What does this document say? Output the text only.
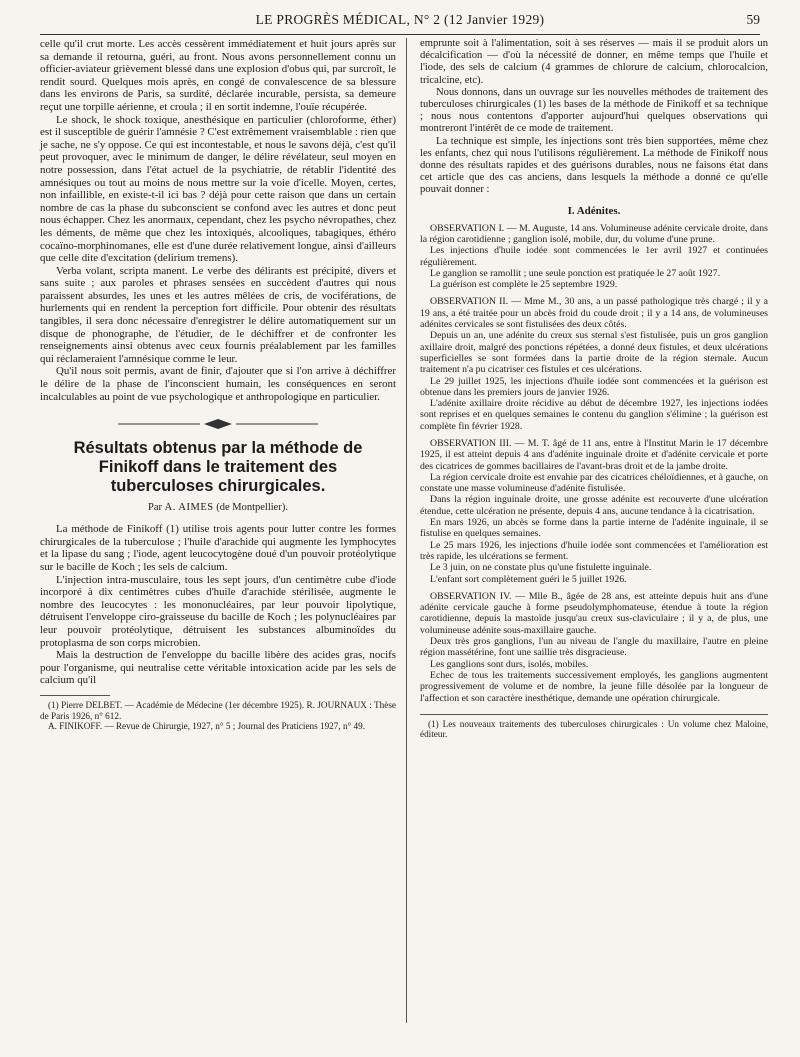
LE PROGRÈS MÉDICAL, N° 2 (12 Janvier 1929)	59

celle qu'il crut morte. Les accès cessèrent immédiatement et huit jours après sur sa demande il retourna, guéri, au front. Nous avons personnellement connu un officier-aviateur grièvement blessé dans une explosion d'obus qui, par surcroît, le rendit sourd. Quelques mois après, en congé de convalescence de sa blessure dans les environs de Paris, sa surdité, déclarée incurable, persista, sa demeure reçut une torpille aérienne, et croula ; il en sortit indemne, l'ouïe récupérée.

Le shock, le shock toxique, anesthésique en particulier (chloroforme, éther) est il susceptible de guérir l'amnésie ? C'est extrêmement vraisemblable : rien que je sache, ne s'y oppose. Ce qui est incontestable, et nous le savons déjà, c'est qu'il peut provoquer, avec le minimum de danger, le délire révélateur, seul moyen en notre possession, dans l'état actuel de la psychiatrie, de rétablir l'identité des amnésiques ou tout au moins de nous mettre sur la voie d'icelle. Moyen, certes, non infaillible, en existe-t-il ici bas ? déjà pour cette raison que dans un certain nombre de cas la phase du subconscient se confond avec les autres et donc peut nous échapper. Chez les anormaux, cependant, chez les psycho névropathes, chez les déments, de même que chez les intoxiqués, alcooliques, tabagiques, éthéro cocaïno-morphinomanes, elle est d'une durée relativement longue, ainsi d'ailleurs que celle dite d'excitation (delirium tremens).

Verba volant, scripta manent. Le verbe des délirants est précipité, divers et sans suite ; aux paroles et phrases sensées en succèdent d'autres qui nous paraissent absurdes, les unes et les autres mêlées de cris, de vociférations, de hurlements qui en rendent la perception fort difficile. Pour obtenir des résultats tangibles, il sera donc nécessaire d'enregistrer le délire automatiquement sur un disque de phonographe, de l'étudier, de le déchiffrer et de confronter les renseignements ainsi obtenus avec ceux fournis préalablement par les familles qui réclameraient l'amnésique comme le leur.

Qu'il nous soit permis, avant de finir, d'ajouter que si l'on arrive à déchiffrer le délire de la phase de l'inconscient humain, les conséquences en seront incalculables au point de vue psychologique et anthropologique en particulier.

Résultats obtenus par la méthode de Finikoff dans le traitement des tuberculoses chirurgicales.
Par A. AIMES (de Montpellier).

La méthode de Finikoff (1) utilise trois agents pour lutter contre les formes chirurgicales de la tuberculose ; l'huile d'arachide qui augmente les lymphocytes et la lipase du sang ; l'iode, agent leucocytogène doué d'un pouvoir protéolytique sur le bacille de Koch ; les sels de calcium.

L'injection intra-musculaire, tous les sept jours, d'un centimètre cube d'iode incorporé à dix centimètres cubes d'huile d'arachide stérilisée, augmente le nombre des leucocytes : les mononucléaires, par leur pouvoir lipolytique, détruisent l'enveloppe ciro-graisseuse du bacille de Koch ; les polynucléaires par leur pouvoir protéolytique, détruisent les substances albuminoïdes du protoplasma de son corps microbien.

Mais la destruction de l'enveloppe du bacille libère des acides gras, nocifs pour l'organisme, qui neutralise cette véritable intoxication acide par les sels de calcium qu'il

(1) Pierre DELBET. — Académie de Médecine (1er décembre 1925). R. JOURNAUX : Thèse de Paris 1926, n° 612.

A. FINIKOFF. — Revue de Chirurgie, 1927, n° 5 ; Journal des Praticiens 1927, n° 49.

emprunte soit à l'alimentation, soit à ses réserves — mais il se produit alors un décalcification — d'où la nécessité de donner, en même temps que l'huile et l'iode, des sels de calcium (4 grammes de chlorure de calcium, chlorocalcion, tricalcine, etc).

Nous donnons, dans un ouvrage sur les nouvelles méthodes de traitement des tuberculoses chirurgicales (1) les bases de la méthode de Finikoff et sa technique ; nous nous contentons d'apporter aujourd'hui quelques observations qui montreront l'intérêt de ce mode de traitement.

La technique est simple, les injections sont très bien supportées, même chez les enfants, chez qui nous l'utilisons régulièrement. La méthode de Finikoff nous donne des résultats rapides et des guérisons durables, nous ne faisons état dans cet article que des cas anciens, dans lesquels la méthode a donné ce qu'elle pouvait donner :

I. Adénites.

OBSERVATION I. — M. Auguste, 14 ans. Volumineuse adénite cervicale droite, dans la région carotidienne ; ganglion isolé, mobile, dur, du volume d'une prune.

Les injections d'huile iodée sont commencées le 1er avril 1927 et continuées régulièrement.

Le ganglion se ramollit ; une seule ponction est pratiquée le 27 août 1927.

La guérison est complète le 25 septembre 1929.

OBSERVATION II. — Mme M., 30 ans, a un passé pathologique très chargé ; il y a 19 ans, a été traitée pour un abcès froid du coude droit ; il y a 14 ans, de volumineuses adénites cervicales se sont fistulisées des deux côtés.

Depuis un an, une adénite du creux sus sternal s'est fistulisée, puis un gros ganglion axillaire droit, malgré des ponctions répétées, a donné deux fistules, et deux ulcérations superficielles se sont formées dans la partie droite de la région sternale. Aucun traitement n'a pu cicatriser ces fistules et ces ulcérations.

Le 29 juillet 1925, les injections d'huile iodée sont commencées et la guérison est obtenue dans les premiers jours de janvier 1926.

L'adénite axillaire droite récidive au début de décembre 1927, les injections iodées sont reprises et en quelques semaines le contenu du ganglion s'élimine ; la guérison est complète fin février 1928.

OBSERVATION III. — M. T. âgé de 11 ans, entre à l'Institut Marin le 17 décembre 1925, il est atteint depuis 4 ans d'adénite inguinale droite et d'adénite cervicale et porte des cicatrices de gommes bacillaires de l'avant-bras droit et de la jambe droite.

La région cervicale droite est envahie par des cicatrices chéloïdiennes, et à gauche, on constate une masse volumineuse d'adénite fistulisée.

Dans la région inguinale droite, une grosse adénite est recouverte d'une ulcération étendue, cette ulcération ne présente, depuis 4 ans, aucune tendance à la cicatrisation.

En mars 1926, un abcès se forme dans la partie interne de l'adénite inguinale, il se fistulise en quelques semaines.

Le 25 mars 1926, les injections d'huile iodée sont commencées et l'amélioration est très rapide, les ulcérations se ferment.

Le 3 juin, on ne constate plus qu'une fistulette inguinale.

L'enfant sort complètement guéri le 5 juillet 1926.

OBSERVATION IV. — Mlle B., âgée de 28 ans, est atteinte depuis huit ans d'une adénite cervicale gauche à forme pseudolymphomateuse, étendue à toute la région carotidienne, depuis la mastoïde jusqu'au creux sus-claviculaire ; il y a, de plus, une volumineuse adénite sous-maxillaire gauche.

Deux très gros ganglions, l'un au niveau de l'angle du maxillaire, l'autre en pleine région massétérine, font une saillie très disgracieuse.

Les ganglions sont durs, isolés, mobiles.

Echec de tous les traitements successivement employés, les ganglions augmentent progressivement de volume et de nombre, la jeune fille désolée par la longueur de l'affection et son caractère inesthétique, demande une opération chirurgicale.

(1) Les nouveaux traitements des tuberculoses chirurgicales : Un volume chez Maloine, éditeur.
